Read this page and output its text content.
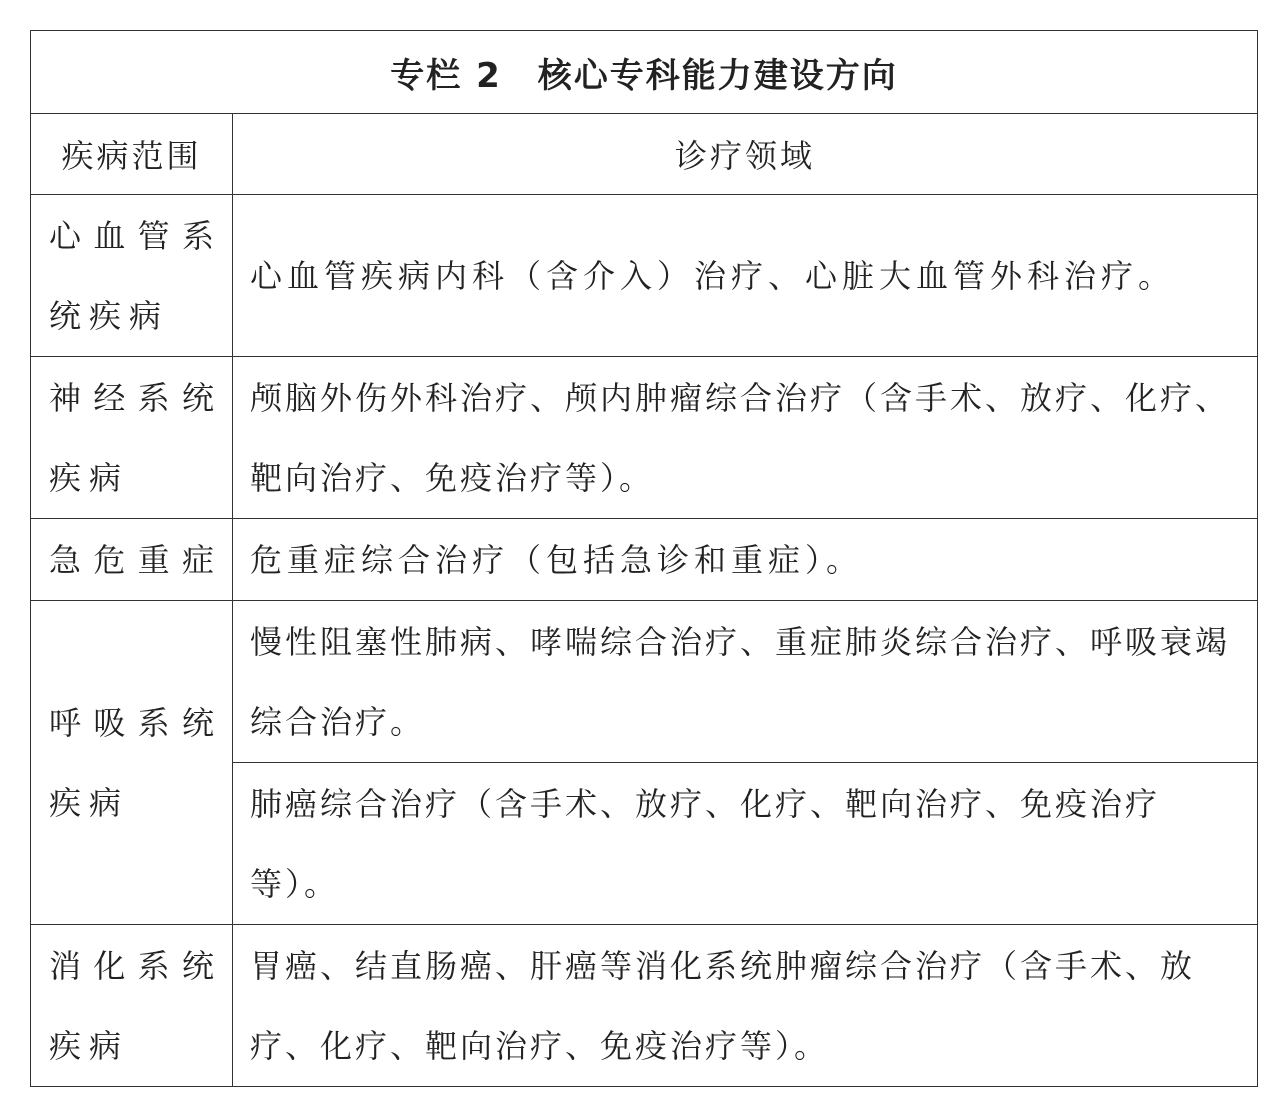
专栏 2　核心专科能力建设方向	
疾病范围	诊疗领域

心血管系
统疾病	心血管疾病内科（含介入）治疗、心脏大血管外科治疗。

神经系统
疾病	颅脑外伤外科治疗、颅内肿瘤综合治疗（含手术、放疗、化疗、靶向治疗、免疫治疗等）。

急危重症	危重症综合治疗（包括急诊和重症）。

呼吸系统
疾病	慢性阻塞性肺病、哮喘综合治疗、重症肺炎综合治疗、呼吸衰竭综合治疗。
	肺癌综合治疗（含手术、放疗、化疗、靶向治疗、免疫治疗等）。

消化系统
疾病	胃癌、结直肠癌、肝癌等消化系统肿瘤综合治疗（含手术、放疗、化疗、靶向治疗、免疫治疗等）。
